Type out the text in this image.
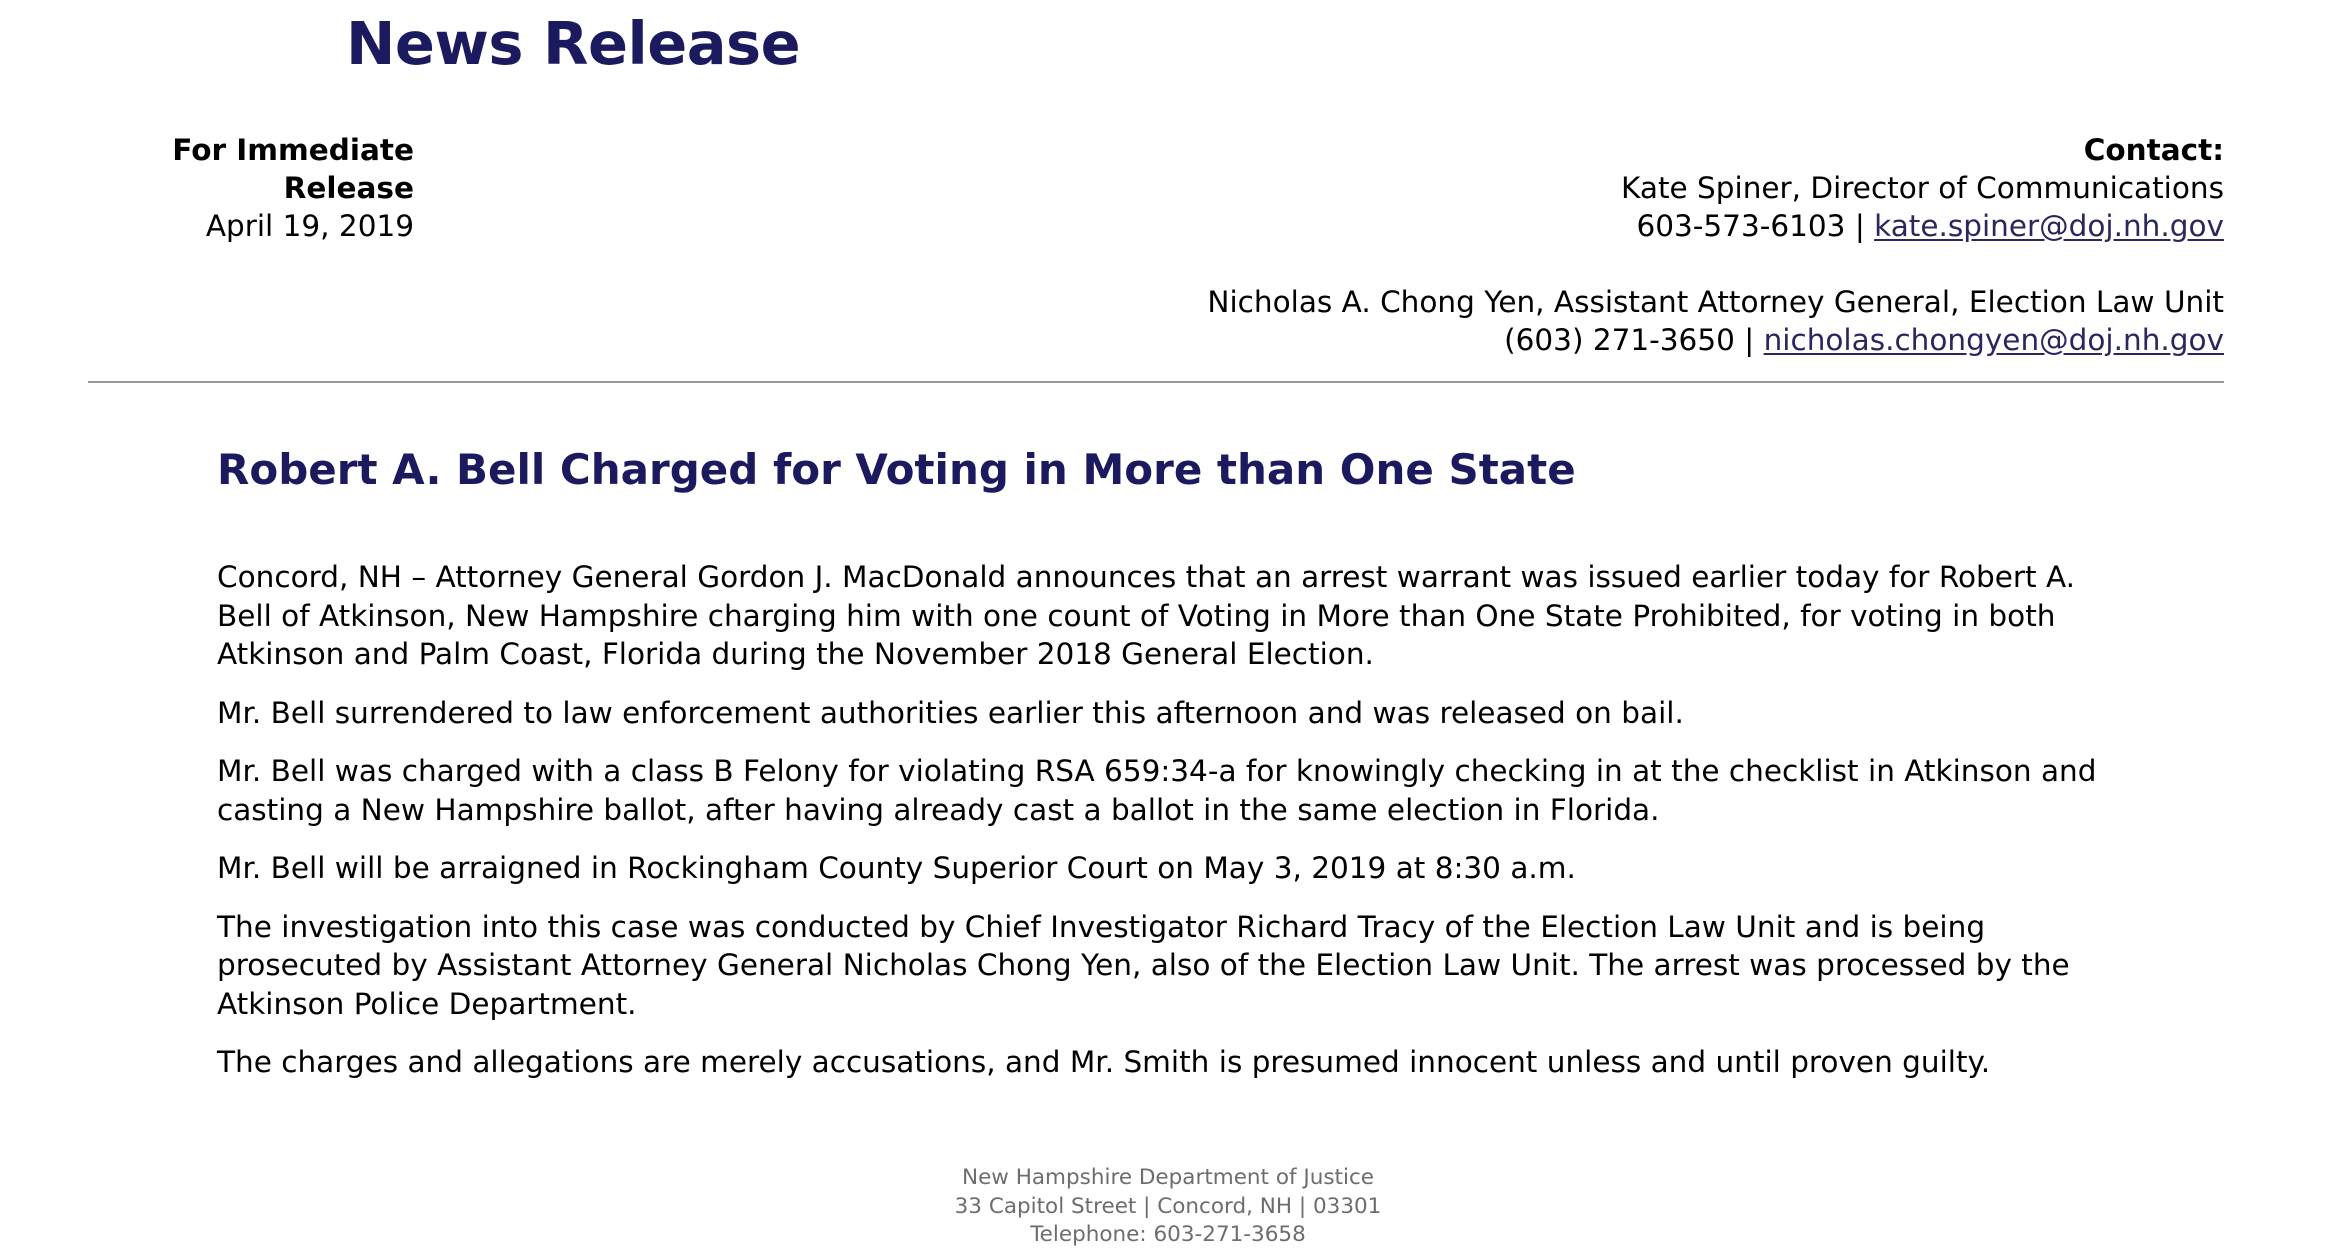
News Release
For Immediate Release
April 19, 2019
Contact:
Kate Spiner, Director of Communications
603-573-6103 | kate.spiner@doj.nh.gov
Nicholas A. Chong Yen, Assistant Attorney General, Election Law Unit
(603) 271-3650 | nicholas.chongyen@doj.nh.gov
Robert A. Bell Charged for Voting in More than One State

Concord, NH – Attorney General Gordon J. MacDonald announces that an arrest warrant was issued earlier today for Robert A. Bell of Atkinson, New Hampshire charging him with one count of Voting in More than One State Prohibited, for voting in both Atkinson and Palm Coast, Florida during the November 2018 General Election.

Mr. Bell surrendered to law enforcement authorities earlier this afternoon and was released on bail.

Mr. Bell was charged with a class B Felony for violating RSA 659:34-a for knowingly checking in at the checklist in Atkinson and casting a New Hampshire ballot, after having already cast a ballot in the same election in Florida.

Mr. Bell will be arraigned in Rockingham County Superior Court on May 3, 2019 at 8:30 a.m.

The investigation into this case was conducted by Chief Investigator Richard Tracy of the Election Law Unit and is being prosecuted by Assistant Attorney General Nicholas Chong Yen, also of the Election Law Unit. The arrest was processed by the Atkinson Police Department.

The charges and allegations are merely accusations, and Mr. Smith is presumed innocent unless and until proven guilty.

New Hampshire Department of Justice
33 Capitol Street | Concord, NH | 03301
Telephone: 603-271-3658
